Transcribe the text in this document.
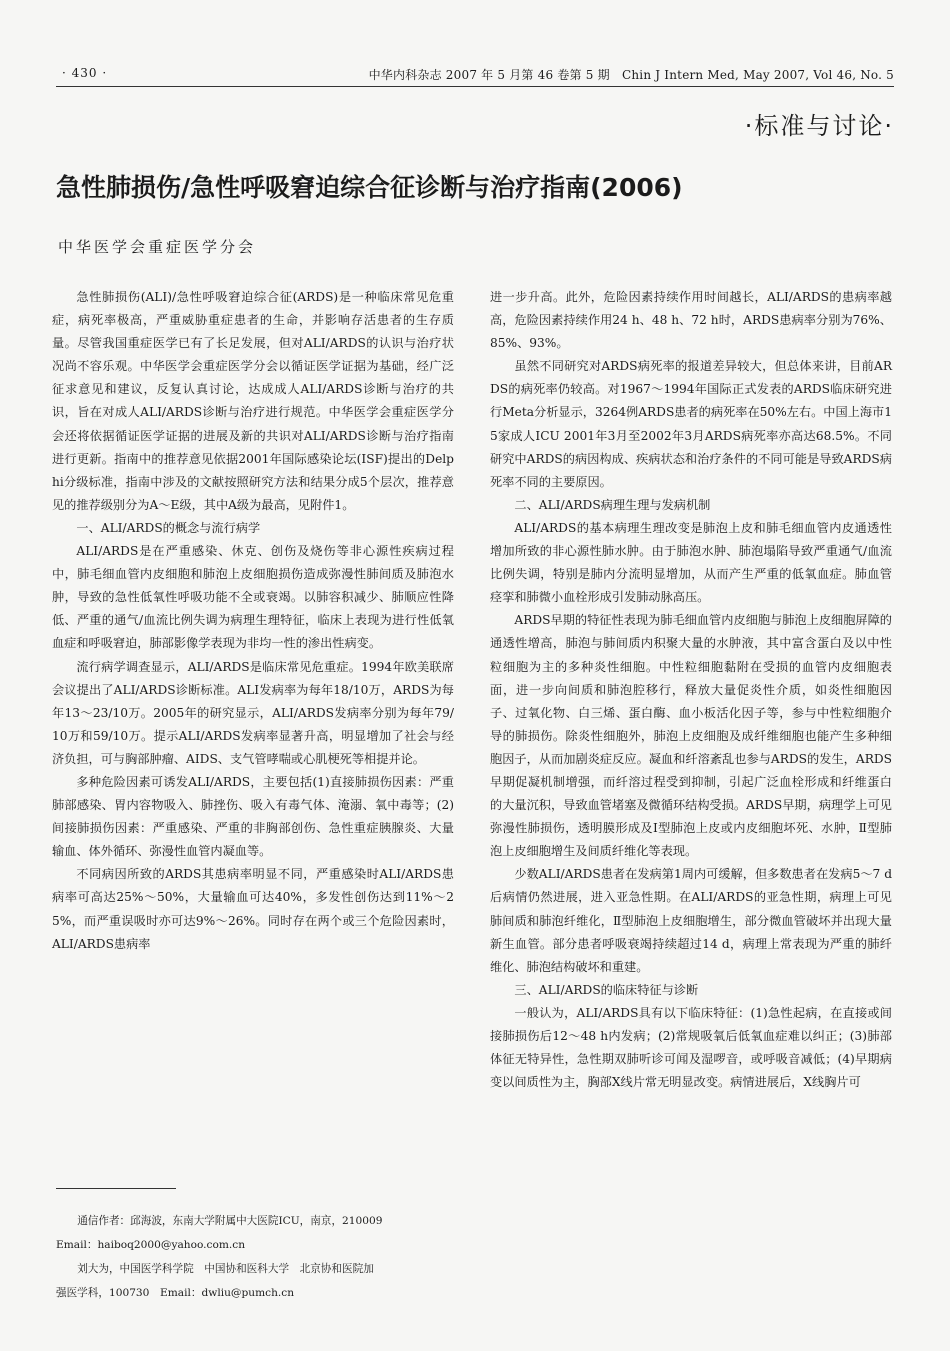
· 430 ·	中华内科杂志 2007 年 5 月第 46 卷第 5 期　Chin J Intern Med, May 2007, Vol 46, No. 5
·标准与讨论·
急性肺损伤/急性呼吸窘迫综合征诊断与治疗指南(2006)
中华医学会重症医学分会

急性肺损伤(ALI)/急性呼吸窘迫综合征(ARDS)是一种临床常见危重症，病死率极高，严重威胁重症患者的生命，并影响存活患者的生存质量。尽管我国重症医学已有了长足发展，但对ALI/ARDS的认识与治疗状况尚不容乐观。中华医学会重症医学分会以循证医学证据为基础，经广泛征求意见和建议，反复认真讨论，达成成人ALI/ARDS诊断与治疗的共识，旨在对成人ALI/ARDS诊断与治疗进行规范。中华医学会重症医学分会还将依据循证医学证据的进展及新的共识对ALI/ARDS诊断与治疗指南进行更新。指南中的推荐意见依据2001年国际感染论坛(ISF)提出的Delphi分级标准，指南中涉及的文献按照研究方法和结果分成5个层次，推荐意见的推荐级别分为A～E级，其中A级为最高，见附件1。

一、ALI/ARDS的概念与流行病学

ALI/ARDS是在严重感染、休克、创伤及烧伤等非心源性疾病过程中，肺毛细血管内皮细胞和肺泡上皮细胞损伤造成弥漫性肺间质及肺泡水肿，导致的急性低氧性呼吸功能不全或衰竭。以肺容积减少、肺顺应性降低、严重的通气/血流比例失调为病理生理特征，临床上表现为进行性低氧血症和呼吸窘迫，肺部影像学表现为非均一性的渗出性病变。

流行病学调查显示，ALI/ARDS是临床常见危重症。1994年欧美联席会议提出了ALI/ARDS诊断标准。ALI发病率为每年18/10万，ARDS为每年13～23/10万。2005年的研究显示，ALI/ARDS发病率分别为每年79/10万和59/10万。提示ALI/ARDS发病率显著升高，明显增加了社会与经济负担，可与胸部肿瘤、AIDS、支气管哮喘或心肌梗死等相提并论。

多种危险因素可诱发ALI/ARDS，主要包括(1)直接肺损伤因素：严重肺部感染、胃内容物吸入、肺挫伤、吸入有毒气体、淹溺、氧中毒等；(2)间接肺损伤因素：严重感染、严重的非胸部创伤、急性重症胰腺炎、大量输血、体外循环、弥漫性血管内凝血等。

不同病因所致的ARDS其患病率明显不同，严重感染时ALI/ARDS患病率可高达25%～50%，大量输血可达40%，多发性创伤达到11%～25%，而严重误吸时亦可达9%～26%。同时存在两个或三个危险因素时，ALI/ARDS患病率

进一步升高。此外，危险因素持续作用时间越长，ALI/ARDS的患病率越高，危险因素持续作用24 h、48 h、72 h时，ARDS患病率分别为76%、85%、93%。

虽然不同研究对ARDS病死率的报道差异较大，但总体来讲，目前ARDS的病死率仍较高。对1967～1994年国际正式发表的ARDS临床研究进行Meta分析显示，3264例ARDS患者的病死率在50%左右。中国上海市15家成人ICU 2001年3月至2002年3月ARDS病死率亦高达68.5%。不同研究中ARDS的病因构成、疾病状态和治疗条件的不同可能是导致ARDS病死率不同的主要原因。

二、ALI/ARDS病理生理与发病机制

ALI/ARDS的基本病理生理改变是肺泡上皮和肺毛细血管内皮通透性增加所致的非心源性肺水肿。由于肺泡水肿、肺泡塌陷导致严重通气/血流比例失调，特别是肺内分流明显增加，从而产生严重的低氧血症。肺血管痉挛和肺微小血栓形成引发肺动脉高压。

ARDS早期的特征性表现为肺毛细血管内皮细胞与肺泡上皮细胞屏障的通透性增高，肺泡与肺间质内积聚大量的水肿液，其中富含蛋白及以中性粒细胞为主的多种炎性细胞。中性粒细胞黏附在受损的血管内皮细胞表面，进一步向间质和肺泡腔移行，释放大量促炎性介质，如炎性细胞因子、过氧化物、白三烯、蛋白酶、血小板活化因子等，参与中性粒细胞介导的肺损伤。除炎性细胞外，肺泡上皮细胞及成纤维细胞也能产生多种细胞因子，从而加剧炎症反应。凝血和纤溶紊乱也参与ARDS的发生，ARDS早期促凝机制增强，而纤溶过程受到抑制，引起广泛血栓形成和纤维蛋白的大量沉积，导致血管堵塞及微循环结构受损。ARDS早期，病理学上可见弥漫性肺损伤，透明膜形成及Ⅰ型肺泡上皮或内皮细胞坏死、水肿，Ⅱ型肺泡上皮细胞增生及间质纤维化等表现。

少数ALI/ARDS患者在发病第1周内可缓解，但多数患者在发病5～7 d后病情仍然进展，进入亚急性期。在ALI/ARDS的亚急性期，病理上可见肺间质和肺泡纤维化，Ⅱ型肺泡上皮细胞增生，部分微血管破坏并出现大量新生血管。部分患者呼吸衰竭持续超过14 d，病理上常表现为严重的肺纤维化、肺泡结构破坏和重建。

三、ALI/ARDS的临床特征与诊断

一般认为，ALI/ARDS具有以下临床特征：(1)急性起病，在直接或间接肺损伤后12～48 h内发病；(2)常规吸氧后低氧血症难以纠正；(3)肺部体征无特异性，急性期双肺听诊可闻及湿啰音，或呼吸音减低；(4)早期病变以间质性为主，胸部X线片常无明显改变。病情进展后，X线胸片可

通信作者：邱海波，东南大学附属中大医院ICU，南京，210009

Email：haiboq2000@yahoo.com.cn

刘大为，中国医学科学院　中国协和医科大学　北京协和医院加

强医学科，100730　Email：dwliu@pumch.cn
